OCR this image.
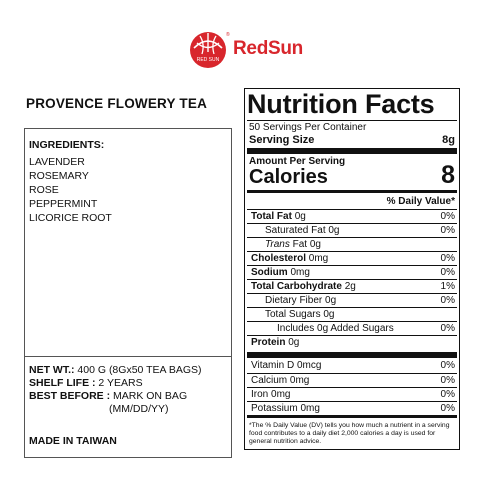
RED SUN
®
RedSun
PROVENCE FLOWERY TEA
INGREDIENTS:
LAVENDER
ROSEMARY
ROSE
PEPPERMINT
LICORICE ROOT
NET WT.: 400 G (8Gx50 TEA BAGS)
SHELF LIFE : 2 YEARS
BEST BEFORE : MARK ON BAG
(MM/DD/YY)
MADE IN TAIWAN
Nutrition Facts
50 Servings Per Container
Serving Size	8g
Amount Per Serving
Calories	8
% Daily Value*
Total Fat 0g	0%
Saturated Fat 0g	0%
Trans Fat 0g
Cholesterol 0mg	0%
Sodium 0mg	0%
Total Carbohydrate 2g	1%
Dietary Fiber 0g	0%
Total Sugars 0g
Includes 0g Added Sugars	0%
Protein 0g
Vitamin D 0mcg	0%
Calcium 0mg	0%
Iron 0mg	0%
Potassium 0mg	0%
*The % Daily Value (DV) tells you how much a nutrient in a serving food contributes to a daily diet 2,000 calories a day is used for general nutrition advice.
